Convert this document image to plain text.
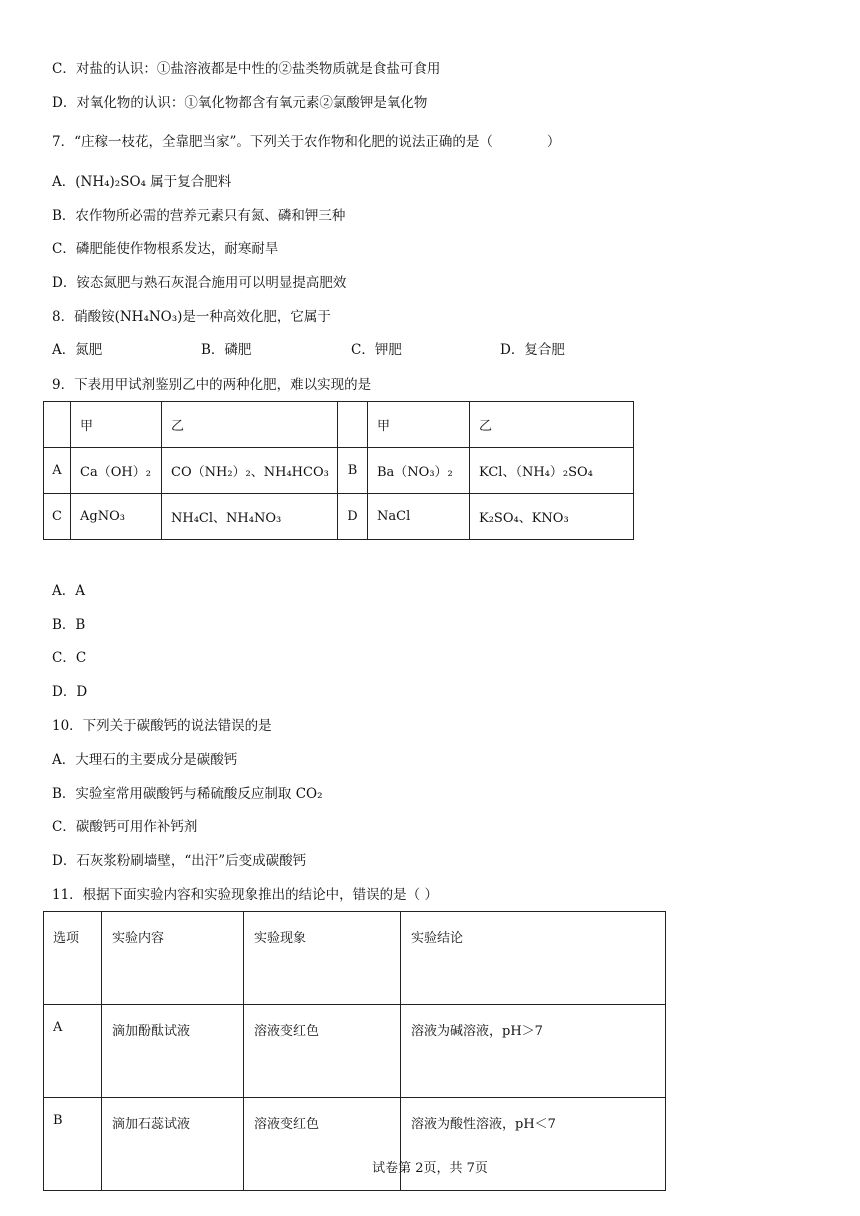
C．对盐的认识：①盐溶液都是中性的②盐类物质就是食盐可食用
D．对氧化物的认识：①氧化物都含有氧元素②氯酸钾是氧化物
7．“庄稼一枝花，全靠肥当家”。下列关于农作物和化肥的说法正确的是（　　　　）
A．(NH₄)₂SO₄ 属于复合肥料
B．农作物所必需的营养元素只有氮、磷和钾三种
C．磷肥能使作物根系发达，耐寒耐旱
D．铵态氮肥与熟石灰混合施用可以明显提高肥效
8．硝酸铵(NH₄NO₃)是一种高效化肥，它属于
A．氮肥	B．磷肥	C．钾肥	D．复合肥
9．下表用甲试剂鉴别乙中的两种化肥，难以实现的是
	甲	乙		甲	乙
A	Ca（OH）₂	CO（NH₂）₂、NH₄HCO₃	B	Ba（NO₃）₂	KCl、（NH₄）₂SO₄
C	AgNO₃	NH₄Cl、NH₄NO₃	D	NaCl	K₂SO₄、KNO₃
A．A
B．B
C．C
D．D
10．下列关于碳酸钙的说法错误的是
A．大理石的主要成分是碳酸钙
B．实验室常用碳酸钙与稀硫酸反应制取 CO₂
C．碳酸钙可用作补钙剂
D．石灰浆粉刷墙壁，“出汗”后变成碳酸钙
11．根据下面实验内容和实验现象推出的结论中，错误的是（ ）
选项	实验内容	实验现象	实验结论
A	滴加酚酞试液	溶液变红色	溶液为碱溶液，pH＞7
B	滴加石蕊试液	溶液变红色	溶液为酸性溶液，pH＜7
试卷第 2页，共 7页
